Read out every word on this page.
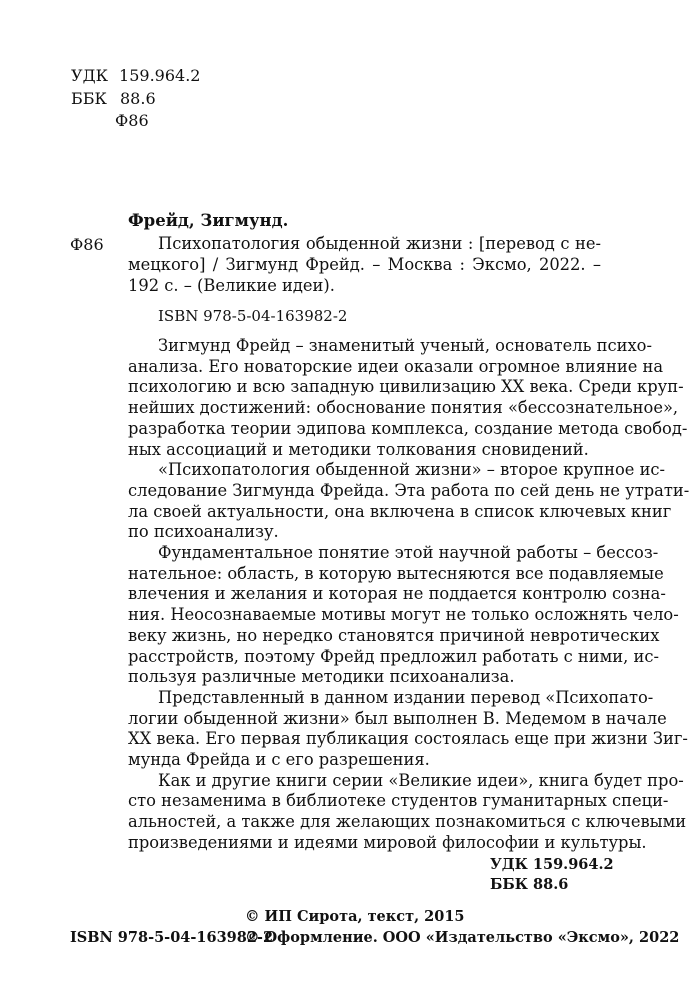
УДК 159.964.2
ББК 88.6
Ф86
Фрейд, Зигмунд.
Ф86	Психопатология обыденной жизни : [перевод с не-
мецкого] / Зигмунд Фрейд. – Москва : Эксмо, 2022. –
192 с. – (Великие идеи).
ISBN 978-5-04-163982-2
Зигмунд Фрейд – знаменитый ученый, основатель психо-
анализа. Его новаторские идеи оказали огромное влияние на
психологию и всю западную цивилизацию XX века. Среди круп-
нейших достижений: обоснование понятия «бессознательное»,
разработка теории эдипова комплекса, создание метода свобод-
ных ассоциаций и методики толкования сновидений.
«Психопатология обыденной жизни» – второе крупное ис-
следование Зигмунда Фрейда. Эта работа по сей день не утрати-
ла своей актуальности, она включена в список ключевых книг
по психоанализу.
Фундаментальное понятие этой научной работы – бессоз-
нательное: область, в которую вытесняются все подавляемые
влечения и желания и которая не поддается контролю созна-
ния. Неосознаваемые мотивы могут не только осложнять чело-
веку жизнь, но нередко становятся причиной невротических
расстройств, поэтому Фрейд предложил работать с ними, ис-
пользуя различные методики психоанализа.
Представленный в данном издании перевод «Психопато-
логии обыденной жизни» был выполнен В. Медемом в начале
XX века. Его первая публикация состоялась еще при жизни Зиг-
мунда Фрейда и с его разрешения.
Как и другие книги серии «Великие идеи», книга будет про-
сто незаменима в библиотеке студентов гуманитарных специ-
альностей, а также для желающих познакомиться с ключевыми
произведениями и идеями мировой философии и культуры.
УДК 159.964.2
ББК 88.6
© ИП Сирота, текст, 2015
ISBN 978-5-04-163982-2
© Оформление. ООО «Издательство «Эксмо», 2022
